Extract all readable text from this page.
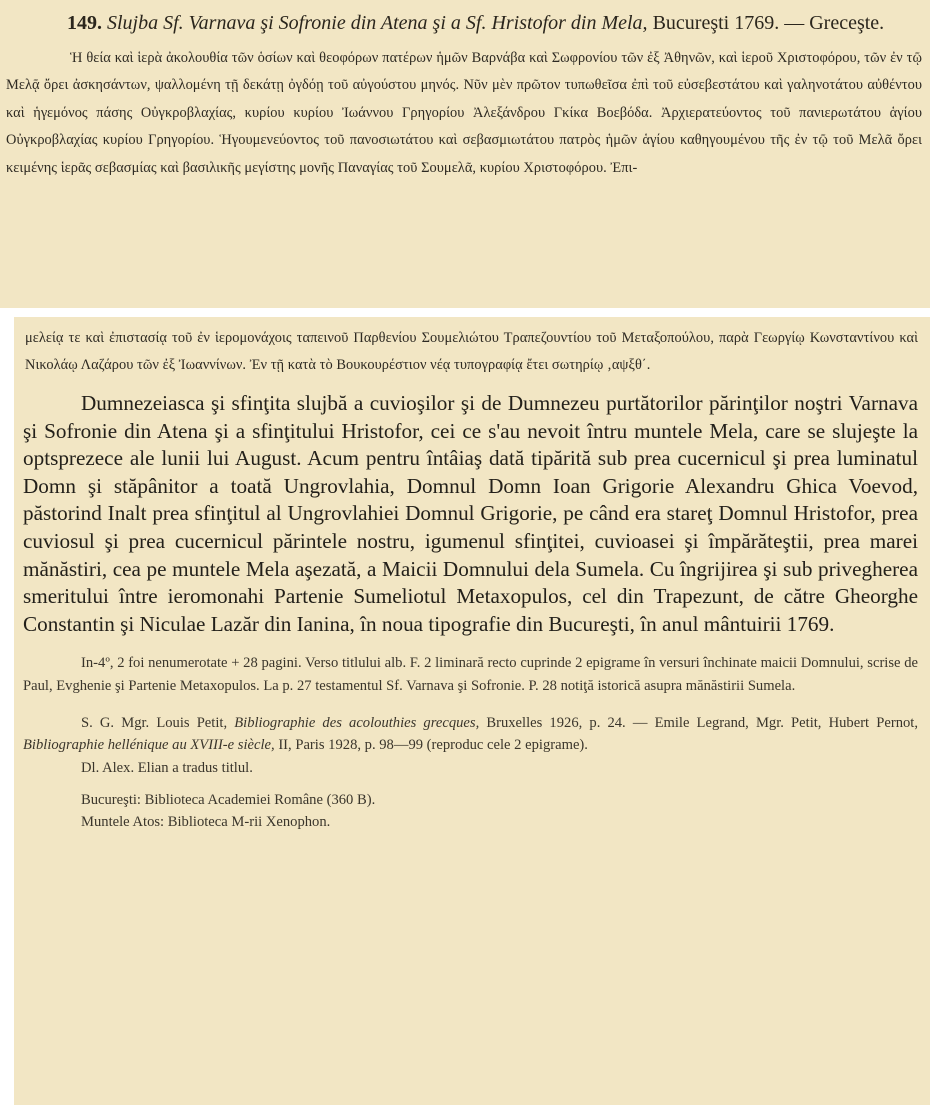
149. Slujba Sf. Varnava şi Sofronie din Atena şi a Sf. Hristofor din Mela, Bucureşti 1769. — Greceşte.

Ἡ θεία καὶ ἱερὰ ἀκολουθία τῶν ὁσίων καὶ θεοφόρων πατέρων ἡμῶν Βαρνάβα καὶ Σωφρονίου τῶν ἐξ Ἀθηνῶν, καὶ ἱεροῦ Χριστοφόρου, τῶν ἐν τῷ Μελᾷ ὄρει ἀσκησάντων, ψαλλομένη τῇ δεκάτῃ ὀγδόῃ τοῦ αὐγούστου μηνός. Νῦν μὲν πρῶτον τυπωθεῖσα ἐπὶ τοῦ εὐσεβεστάτου καὶ γαληνοτάτου αὐθέντου καὶ ἡγεμόνος πάσης Οὐγκροβλαχίας, κυρίου κυρίου Ἰωάννου Γρηγορίου Ἀλεξάνδρου Γκίκα Βοεβόδα. Ἀρχιερατεύοντος τοῦ πανιερωτάτου ἁγίου Οὐγκροβλαχίας κυρίου Γρηγορίου. Ἡγουμενεύοντος τοῦ πανοσιωτάτου καὶ σεβασμιωτάτου πατρὸς ἡμῶν ἁγίου καθηγουμένου τῆς ἐν τῷ τοῦ Μελᾶ ὄρει κειμένης ἱερᾶς σεβασμίας καὶ βασιλικῆς μεγίστης μονῆς Παναγίας τοῦ Σουμελᾶ, κυρίου Χριστοφόρου. Ἐπι-

μελείᾳ τε καὶ ἐπιστασίᾳ τοῦ ἐν ἱερομονάχοις ταπεινοῦ Παρθενίου Σουμελιώτου Τραπεζουντίου τοῦ Μεταξοπούλου, παρὰ Γεωργίῳ Κωνσταντίνου καὶ Νικολάῳ Λαζάρου τῶν ἐξ Ἰωαννίνων. Ἐν τῇ κατὰ τὸ Βουκουρέστιον νέᾳ τυπογραφίᾳ ἔτει σωτηρίῳ ‚αψξθ΄.

Dumnezeiasca şi sfinţita slujbă a cuvioşilor şi de Dumnezeu purtătorilor părinţilor noştri Varnava şi Sofronie din Atena şi a sfinţitului Hristofor, cei ce s'au nevoit întru muntele Mela, care se slujeşte la optsprezece ale lunii lui August. Acum pentru întâiaş dată tipărită sub prea cucernicul şi prea luminatul Domn şi stăpânitor a toată Ungrovlahia, Domnul Domn Ioan Grigorie Alexandru Ghica Voevod, păstorind Inalt prea sfinţitul al Ungrovlahiei Domnul Grigorie, pe când era stareţ Domnul Hristofor, prea cuviosul şi prea cucernicul părintele nostru, igumenul sfinţitei, cuvioasei şi împărăteştii, prea marei mănăstiri, cea pe muntele Mela aşezată, a Maicii Domnului dela Sumela. Cu îngrijirea şi sub privegherea smeritului între ieromonahi Partenie Sumeliotul Metaxopulos, cel din Trapezunt, de către Gheorghe Constantin şi Niculae Lazăr din Ianina, în noua tipografie din Bucureşti, în anul mântuirii 1769.

In-4º, 2 foi nenumerotate + 28 pagini. Verso titlului alb. F. 2 liminară recto cuprinde 2 epigrame în versuri închinate maicii Domnului, scrise de Paul, Evghenie şi Partenie Metaxopulos. La p. 27 testamentul Sf. Varnava şi Sofronie. P. 28 notiţă istorică asupra mănăstirii Sumela.

S. G. Mgr. Louis Petit, Bibliographie des acolouthies grecques, Bruxelles 1926, p. 24. — Emile Legrand, Mgr. Petit, Hubert Pernot, Bibliographie hellénique au XVIII-e siècle, II, Paris 1928, p. 98—99 (reproduc cele 2 epigrame).

Dl. Alex. Elian a tradus titlul.
Bucureşti: Biblioteca Academiei Române (360 B).
Muntele Atos: Biblioteca M-rii Xenophon.
